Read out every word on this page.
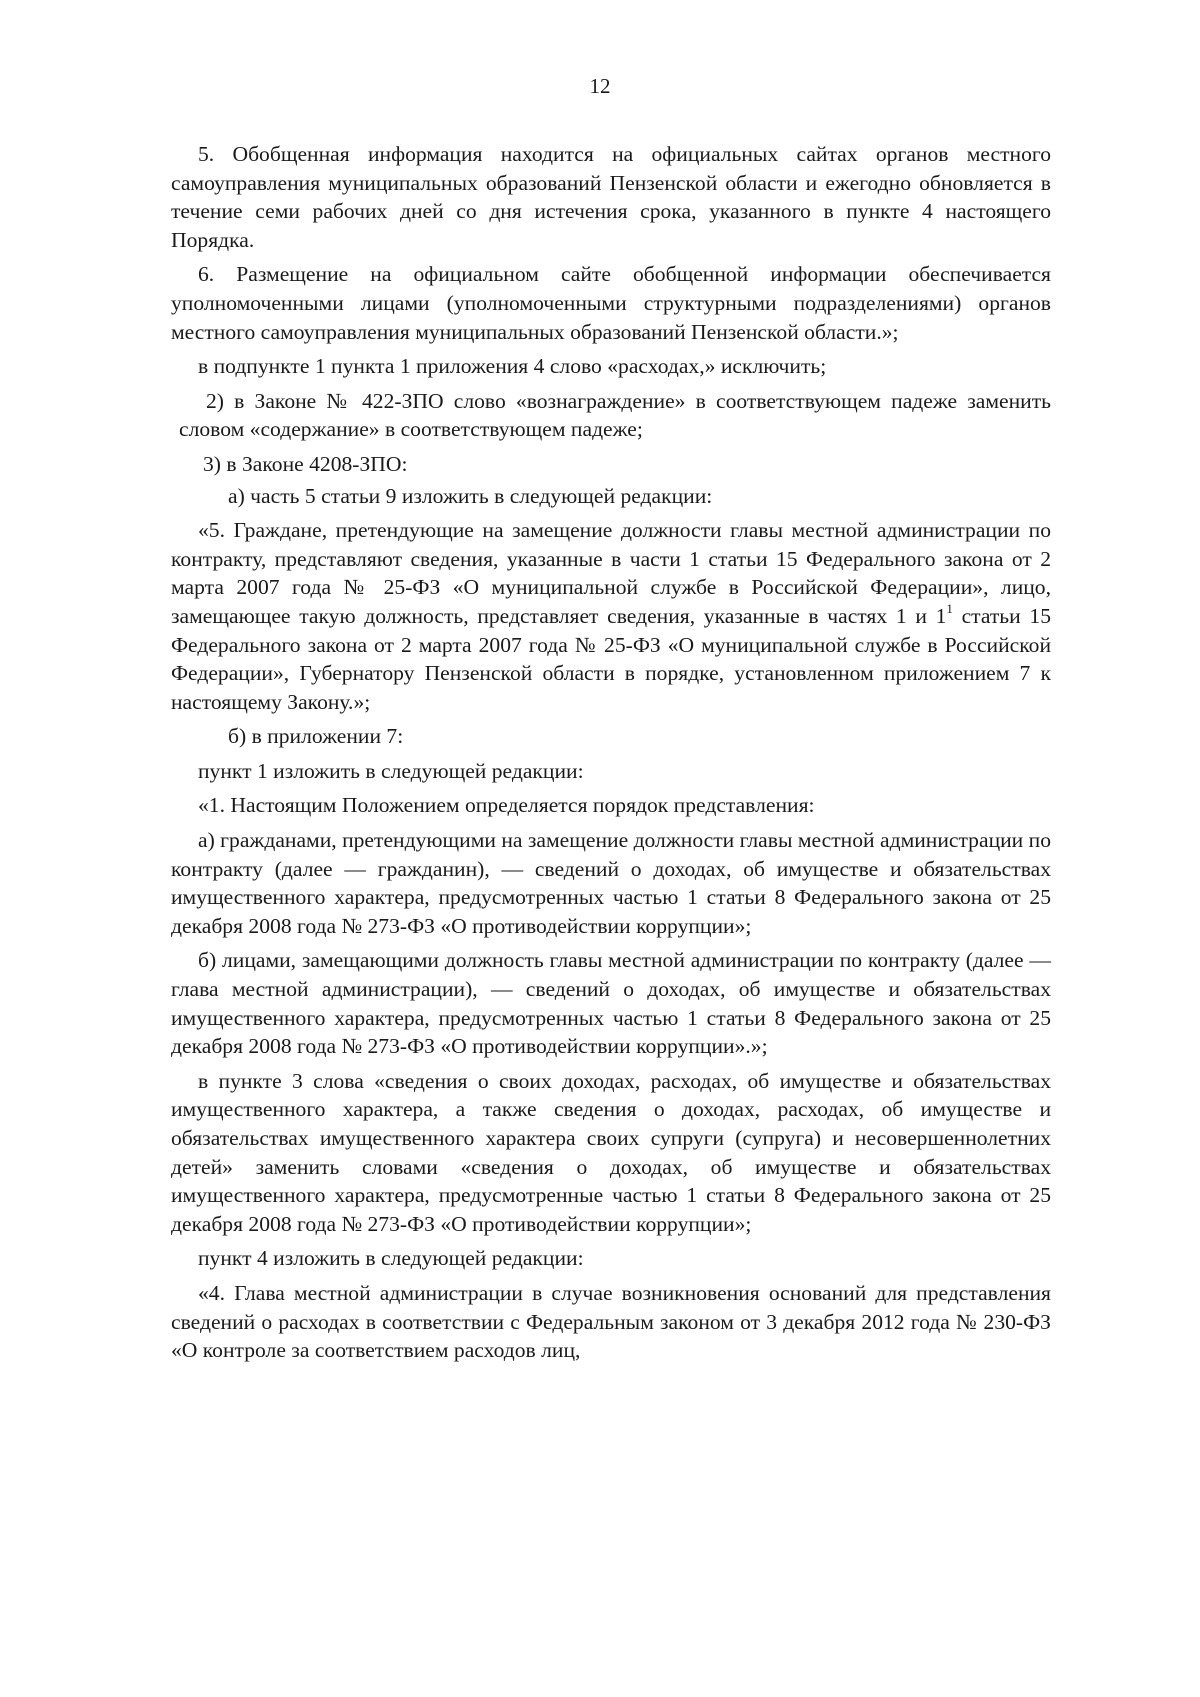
12

5. Обобщенная информация находится на официальных сайтах органов местного самоуправления муниципальных образований Пензенской области и ежегодно обновляется в течение семи рабочих дней со дня истечения срока, указанного в пункте 4 настоящего Порядка.

6. Размещение на официальном сайте обобщенной информации обеспечивается уполномоченными лицами (уполномоченными структурными подразделениями) органов местного самоуправления муниципальных образований Пензенской области.»;

в подпункте 1 пункта 1 приложения 4 слово «расходах,» исключить;

2) в Законе № 422-ЗПО слово «вознаграждение» в соответствующем падеже заменить словом «содержание» в соответствующем падеже;

3) в Законе 4208-ЗПО:

а) часть 5 статьи 9 изложить в следующей редакции:

«5. Граждане, претендующие на замещение должности главы местной администрации по контракту, представляют сведения, указанные в части 1 статьи 15 Федерального закона от 2 марта 2007 года № 25-ФЗ «О муниципальной службе в Российской Федерации», лицо, замещающее такую должность, представляет сведения, указанные в частях 1 и $1^1$ статьи 15 Федерального закона от 2 марта 2007 года № 25-ФЗ «О муниципальной службе в Российской Федерации», Губернатору Пензенской области в порядке, установленном приложением 7 к настоящему Закону.»;

б) в приложении 7:

пункт 1 изложить в следующей редакции:

«1. Настоящим Положением определяется порядок представления:

а) гражданами, претендующими на замещение должности главы местной администрации по контракту (далее — гражданин), — сведений о доходах, об имуществе и обязательствах имущественного характера, предусмотренных частью 1 статьи 8 Федерального закона от 25 декабря 2008 года № 273-ФЗ «О противодействии коррупции»;

б) лицами, замещающими должность главы местной администрации по контракту (далее — глава местной администрации), — сведений о доходах, об имуществе и обязательствах имущественного характера, предусмотренных частью 1 статьи 8 Федерального закона от 25 декабря 2008 года № 273-ФЗ «О противодействии коррупции».»;

в пункте 3 слова «сведения о своих доходах, расходах, об имуществе и обязательствах имущественного характера, а также сведения о доходах, расходах, об имуществе и обязательствах имущественного характера своих супруги (супруга) и несовершеннолетних детей» заменить словами «сведения о доходах, об имуществе и обязательствах имущественного характера, предусмотренные частью 1 статьи 8 Федерального закона от 25 декабря 2008 года № 273-ФЗ «О противодействии коррупции»;

пункт 4 изложить в следующей редакции:

«4. Глава местной администрации в случае возникновения оснований для представления сведений о расходах в соответствии с Федеральным законом от 3 декабря 2012 года № 230-ФЗ «О контроле за соответствием расходов лиц,
